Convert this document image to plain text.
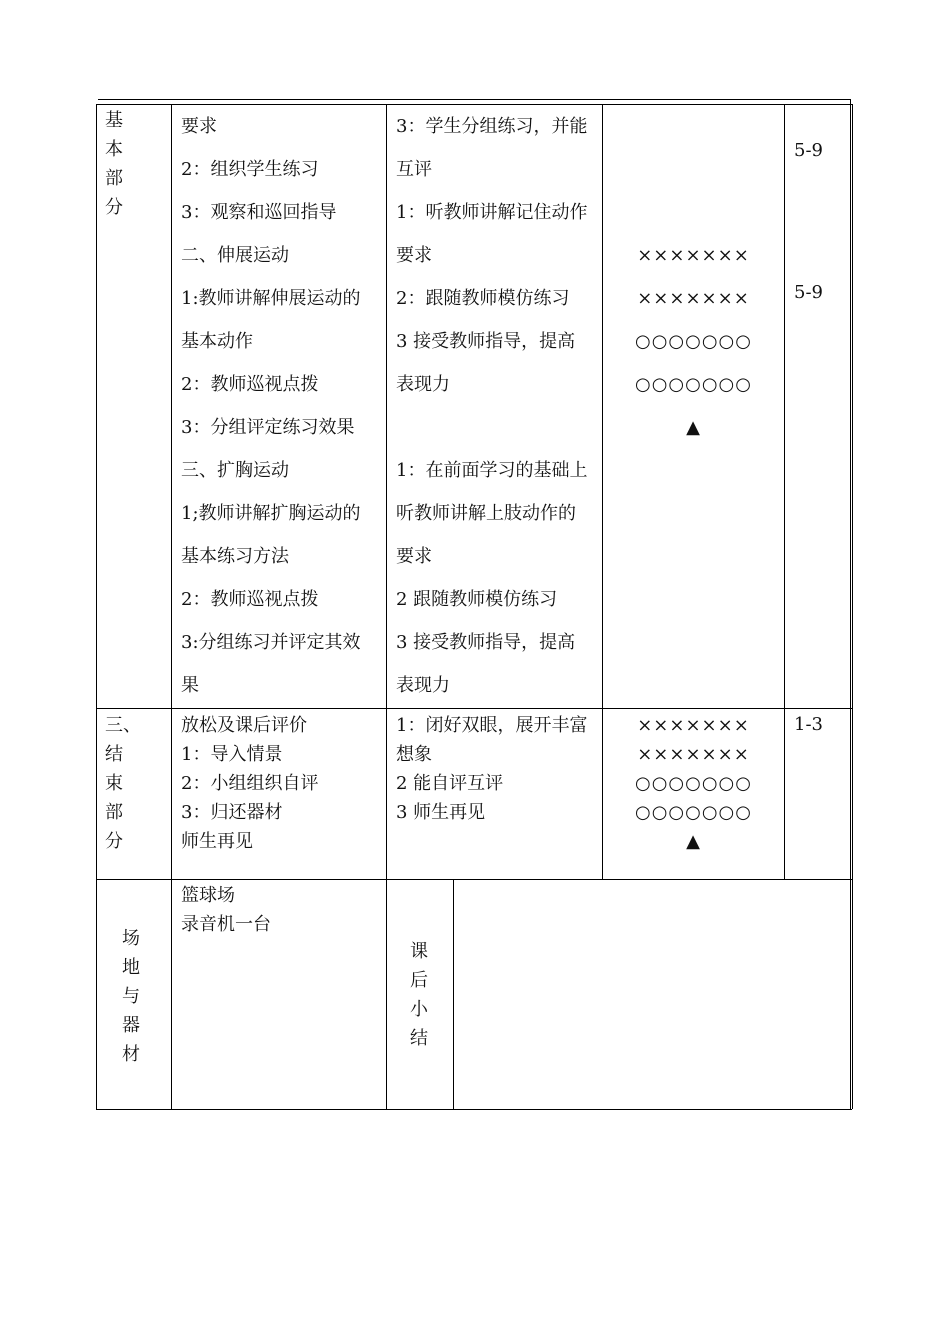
基
本
部
分
要求
2：组织学生练习
3：观察和巡回指导
二、伸展运动
1:教师讲解伸展运动的
基本动作
2：教师巡视点拨
3：分组评定练习效果
三、扩胸运动
1;教师讲解扩胸运动的
基本练习方法
2：教师巡视点拨
3:分组练习并评定其效
果
3：学生分组练习，并能
互评
1：听教师讲解记住动作
要求
2：跟随教师模仿练习
3 接受教师指导，提高
表现力
1：在前面学习的基础上
听教师讲解上肢动作的
要求
2 跟随教师模仿练习
3 接受教师指导，提高
表现力
×××××××
×××××××
○○○○○○○
○○○○○○○
▲
5-9
5-9
三、
结
束
部
分
放松及课后评价
1：导入情景
2：小组组织自评
3：归还器材
师生再见
1：闭好双眼，展开丰富
想象
2 能自评互评
3 师生再见
×××××××
×××××××
○○○○○○○
○○○○○○○
▲
1-3
场
地
与
器
材
篮球场
录音机一台
课
后
小
结
